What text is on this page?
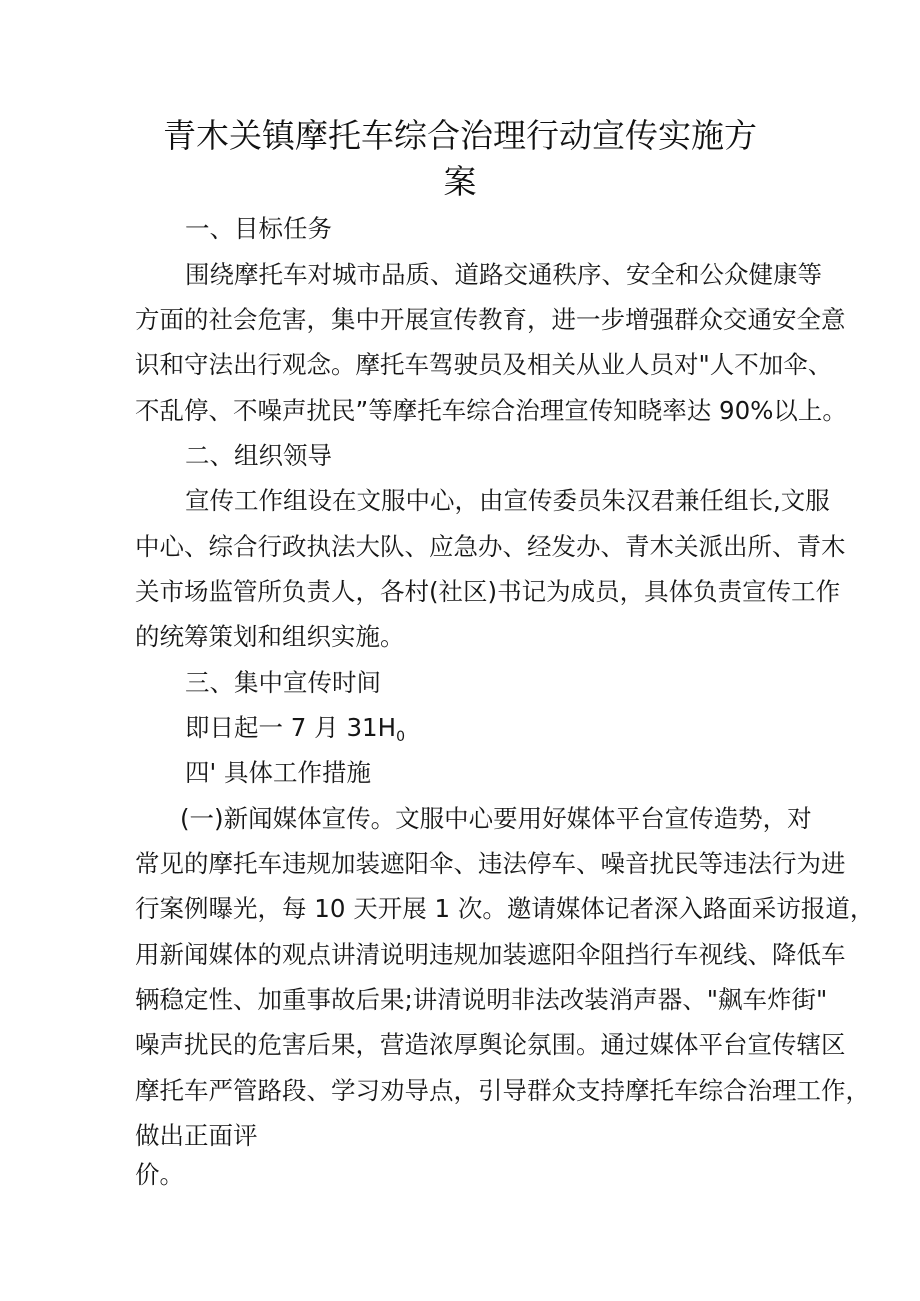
青木关镇摩托车综合治理行动宣传实施方
案
一、目标任务
围绕摩托车对城市品质、道路交通秩序、安全和公众健康等
方面的社会危害，集中开展宣传教育，进一步增强群众交通安全意
识和守法出行观念。摩托车驾驶员及相关从业人员对"人不加伞、
不乱停、不噪声扰民”等摩托车综合治理宣传知晓率达 90%以上。
二、组织领导
宣传工作组设在文服中心，由宣传委员朱汉君兼任组长,文服
中心、综合行政执法大队、应急办、经发办、青木关派出所、青木
关市场监管所负责人，各村(社区)书记为成员，具体负责宣传工作
的统筹策划和组织实施。
三、集中宣传时间
即日起一 7 月 $31H_0$
四' 具体工作措施
(一)新闻媒体宣传。文服中心要用好媒体平台宣传造势，对
常见的摩托车违规加装遮阳伞、违法停车、噪音扰民等违法行为进
行案例曝光，每 10 天开展 1 次。邀请媒体记者深入路面采访报道，
用新闻媒体的观点讲清说明违规加装遮阳伞阻挡行车视线、降低车
辆稳定性、加重事故后果;讲清说明非法改装消声器、"飙车炸街"
噪声扰民的危害后果，营造浓厚舆论氛围。通过媒体平台宣传辖区
摩托车严管路段、学习劝导点，引导群众支持摩托车综合治理工作，
做出正面评
价。
